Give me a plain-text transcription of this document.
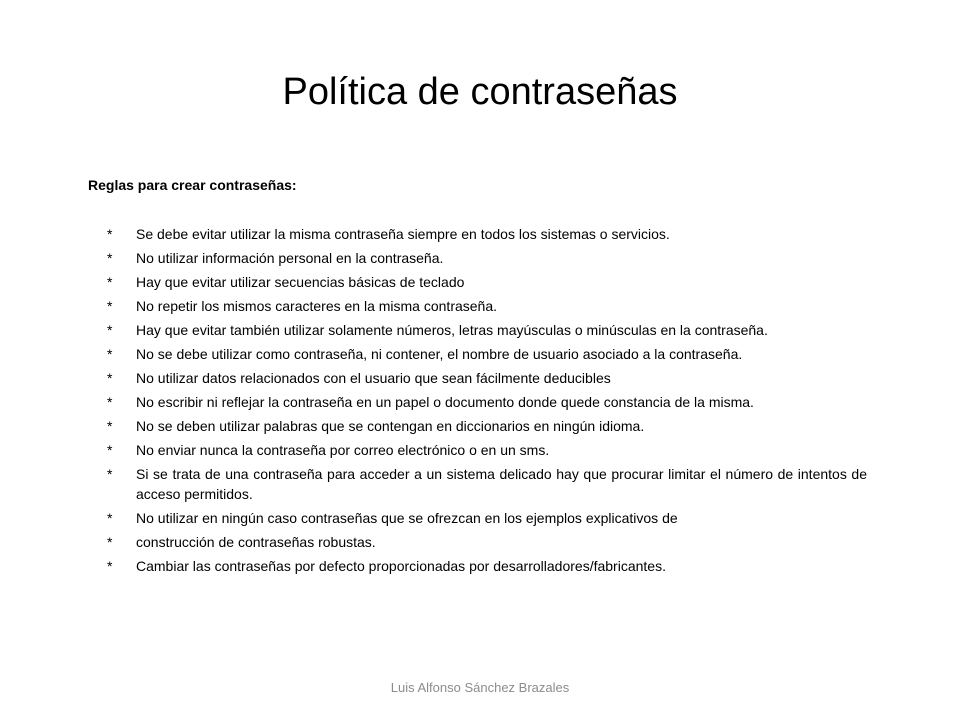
Política de contraseñas

Reglas para crear contraseñas:

*	Se debe evitar utilizar la misma contraseña siempre en todos los sistemas o servicios.
*	No utilizar información personal en la contraseña.
*	Hay que evitar utilizar secuencias básicas de teclado
*	No repetir los mismos caracteres en la misma contraseña.
*	Hay que evitar también utilizar solamente números, letras mayúsculas o minúsculas en la contraseña.
*	No se debe utilizar como contraseña, ni contener, el nombre de usuario asociado a la contraseña.
*	No utilizar datos relacionados con el usuario que sean fácilmente deducibles
*	No escribir ni reflejar la contraseña en un papel o documento donde quede constancia de la misma.
*	No se deben utilizar palabras que se contengan en diccionarios en ningún idioma.
*	No enviar nunca la contraseña por correo electrónico o en un sms.
*	Si se trata de una contraseña para acceder a un sistema delicado hay que procurar limitar el número de intentos de acceso permitidos.
*	No utilizar en ningún caso contraseñas que se ofrezcan en los ejemplos explicativos de
*	construcción de contraseñas robustas.
*	Cambiar las contraseñas por defecto proporcionadas por desarrolladores/fabricantes.

Luis Alfonso Sánchez Brazales
